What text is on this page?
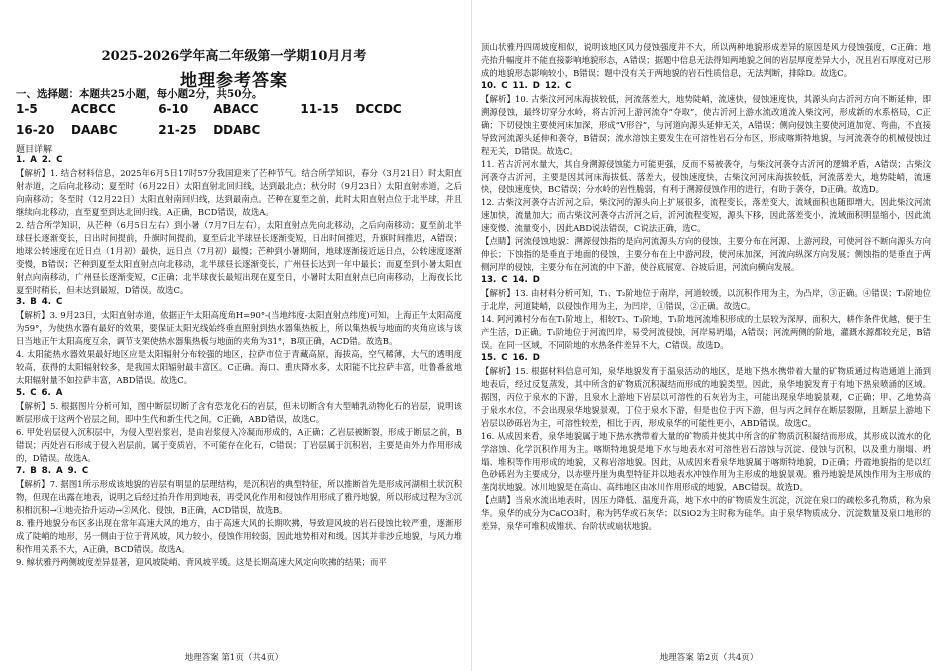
2025-2026学年高二年级第一学期10月月考
地理参考答案
一、选择题：本题共25小题，每小题2分，共50分。
1-5	ACBCC	6-10 ABACC	11-15 DCCDC
16-20 DAABC	21-25 DDABC
题目详解

1. A 2. C

【解析】1. 结合材料信息，2025年6月5日17时57分我国迎来了芒种节气。结合所学知识，春分（3月21日）时太阳直射赤道，之后向北移动；夏至时（6月22日）太阳直射北回归线，达到最北点；秋分时（9月23日）太阳直射赤道，之后向南移动；冬至时（12月22日）太阳直射南回归线，达到最南点。芒种在夏至之前，此时太阳直射点位于北半球，并且继续向北移动，直至夏至到达北回归线。A正确，BCD错误，故选A。

2. 结合所学知识，从芒种（6月5日左右）到小暑（7月7日左右），太阳直射点先向北移动，之后向南移动；夏至前北半球昼长逐渐变长，日出时间提前，升旗时间提前，夏至后北半球昼长逐渐变短，日出时间推迟，升旗时间推迟，A错误；地球公转速度在近日点（1月初）最快，远日点（7月初）最慢；芒种到小暑期间，地球逐渐接近远日点，公转速度逐渐变慢，B错误；芒种到夏至太阳直射点向北移动，北半球昼长逐渐变长，广州昼长达到一年中最长；而夏至到小暑太阳直射点向南移动，广州昼长逐渐变短，C正确；北半球夜长最短出现在夏至日，小暑时太阳直射点已向南移动，上海夜长比夏至时稍长，但未达到最短，D错误。故选C。

3. B 4. C

【解析】3. 9月23日，太阳直射赤道，依据正午太阳高度角H=90°-(当地纬度-太阳直射点纬度)可知，上海正午太阳高度为59°，为使热水器有最好的效果，要保证太阳光线始终垂直照射到热水器集热板上，所以集热板与地面的夹角应该与该日当地正午太阳高度互余，调节支架使热水器集热板与地面的夹角为31°，B项正确，ACD错。故选B。

4. 太阳能热水器效果最好地区应是太阳辐射分布较强的地区，拉萨市位于青藏高原，海拔高，空气稀薄，大气的透明度较高，获得的太阳辐射较多，是我国太阳辐射最丰富区。C正确。海口、重庆降水多，太阳能不比拉萨丰富，吐鲁番盆地太阳辐射量不如拉萨丰富，ABD错误。故选C。

5. C 6. A

【解析】5. 根据图片分析可知，图中断层切断了含有恐龙化石的岩层，但未切断含有大型哺乳动物化石的岩层，说明该断层形成于这两个岩层之间，即中生代和新生代之间，C正确，ABD错误，故选C。

6. 甲处岩层侵入沉积层中，为侵入型岩浆岩，是由岩浆侵入冷凝而形成的，A正确；乙岩层被断裂，形成于断层之前，B错误；丙处岩石形成于侵入岩层前，属于变质岩，不可能存在化石，C错误；丁岩层属于沉积岩，主要是由外力作用形成的，D错误。故选A。

7. B 8. A 9. C

【解析】7. 据图1所示形成该地貌的岩层有明显的层理结构，是沉积岩的典型特征，所以推断首先是形成河湖相土状沉积物，但现在出露在地表，说明之后经过抬升作用到地表，再受风化作用和侵蚀作用形成了雅丹地貌，所以形成过程为③沉积相沉积→①地壳抬升运动→②风化、侵蚀，B正确，ACD错误，故选B。

8. 雅丹地貌分布区多出现在常年高速大风的地方，由于高速大风的长期吹拂，导致迎风坡的岩石侵蚀比较严重，逐渐形成了陡峭的地形，另一侧由于位于背风坡，风力较小，侵蚀作用较弱，因此地势相对和缓。因其并非沙丘地貌，与风力堆积作用关系不大，A正确，BCD错误。故选A。

9. 鲸状雅丹两侧坡度差异显著，迎风坡陡峭、背风坡平缓。这是长期高速大风定向吹拂的结果；而平

地理答案 第1页（共4页）

顶山状雅丹四周坡度相似，说明该地区风力侵蚀强度并不大，所以两种地貌形成差异的原因是风力侵蚀强度，C正确；地壳抬升幅度并不能直接影响地貌形态，A错误；据题中信息无法得知两地貌之间的岩层厚度差异大小，况且岩石厚度对已形成的地貌形态影响较小，B错误；题中没有关于两地貌的岩石性质信息，无法判断，排除D。故选C。

10. C 11. D 12. C

【解析】10. 古柴汶河河床海拔较低，河流落差大，地势陡峭，流速快，侵蚀速度快，其源头向古沂河方向不断延伸，即溯源侵蚀，最终切穿分水岭，将古沂河上游河流夺“夺取”，使古沂河上游水流改道流入柴汶河，形成新的水系格局，C正确；下切侵蚀主要使河床加深，形成“V形谷”，与河道向源头延伸无关，A错误；侧向侵蚀主要使河道加宽、弯曲，不直接导致河流源头延伸和袭夺，B错误；流水溶蚀主要发生在可溶性岩石分布区，形成喀斯特地貌，与河流袭夺的机械侵蚀过程无关，D错误。故选C。

11. 若古沂河水量大，其自身溯源侵蚀能力可能更强，反而不易被袭夺，与柴汶河袭夺古沂河的逻辑矛盾，A错误；古柴汶河袭夺古沂河，主要是因其河床海拔低、落差大，侵蚀速度快，古柴汶河河床海拔较低，河流落差大，地势陡峭，流速快，侵蚀速度快，BC错误；分水岭的岩性脆弱，有利于溯源侵蚀作用的进行，有助于袭夺，D正确。故选D。

12. 古柴汶河袭夺古沂河之后，柴汶河的源头向上扩展很多，流程变长，落差变大，流域面积也随即增大，因此柴汶河流速加快，流量加大；而古柴汶河袭夺古沂河之后，沂河流程变短，源头下移，因此落差变小，流域面积明显缩小，因此流速变慢、流量变小，因此ABD说法错误，C说法正确，选C。

【点睛】河流侵蚀地貌：溯源侵蚀指的是向河流源头方向的侵蚀，主要分布在河源、上游河段，可使河谷不断向源头方向伸长；下蚀指的是垂直于地面的侵蚀，主要分布在上中游河段，使河床加深，河流向纵深方向发展；侧蚀指的是垂直于两侧河岸的侵蚀，主要分布在河流的中下游，使谷底展宽、谷坡后退，河流向横向发展。

13. C 14. D

【解析】13. 由材料分析可知，T₁、T₂阶地位于南岸，河道较缓，以沉积作用为主，为凸岸，③正确。④错误；T₃阶地位于北岸，河道陡峭，以侵蚀作用为主，为凹岸，①错误，②正确。故选C。

14. 阿河滩村分布在T₁阶地上，相较T₂、T₃阶地，T₁阶地河流堆积形成的土层较为深厚，面积大，耕作条件优越，便于生产生活，D正确。T₁阶地位于河流凹岸，易受河流侵蚀，河岸易坍塌，A错误；河流两侧的阶地，灌溉水源都较充足，B错误。在同一区域，不同阶地的水热条件差异不大，C错误。故选D。

15. C 16. D

【解析】15. 根据材料信息可知，泉华地貌发育于温泉活动的地区，是地下热水携带着大量的矿物质通过构造通道上涌到地表后，经过反复蒸发，其中所含的矿物质沉积凝结而形成的地貌类型。因此，泉华地貌发育于有地下热泉喷涌的区域。据图，丙位于泉水的下游，且泉水上游地下岩层以可溶性的石灰岩为主，可能出现泉华地貌景观，C正确；甲、乙地势高于泉水水位，不会出现泉华地貌景观，丁位于泉水下游，但是也位于丙下游，但与丙之间存在断层裂隙，且断层上游地下岩层以砂砾岩为主，可溶性较差，相比于丙，形成泉华的可能性更小，ABD错误。故选C。

16. 从成因来看，泉华地貌属于地下热水携带着大量的矿物质并使其中所含的矿物质沉积凝结而形成，其形成以流水的化学溶蚀、化学沉积作用为主。喀斯特地貌是地下水与地表水对可溶性岩石溶蚀与沉淀、侵蚀与沉积，以及重力崩塌、坍塌、堆积等作用形成的地貌，又称岩溶地貌。因此，从成因来看泉华地貌属于喀斯特地貌，D正确；丹霞地貌指的是以红色砂砾岩为主要成分，以赤壁丹崖为典型特征并以地表水冲蚀作用为主形成的地貌景观。雅丹地貌是风蚀作用为主形成的垄岗状地貌。冰川地貌是在高山、高纬地区由冰川作用形成的地貌，ABC错误。故选D。

【点睛】当泉水流出地表时，因压力降低、温度升高，地下水中的矿物质发生沉淀，沉淀在泉口的疏松多孔物质，称为泉华。泉华的成分为CaCO3时，称为钙华或石灰华；以SiO2为主时称为硅华。由于泉华物质成分、沉淀数量及泉口地形的差异，泉华可堆积成锥状、台阶状或扇状地貌。

地理答案 第2页（共4页）
